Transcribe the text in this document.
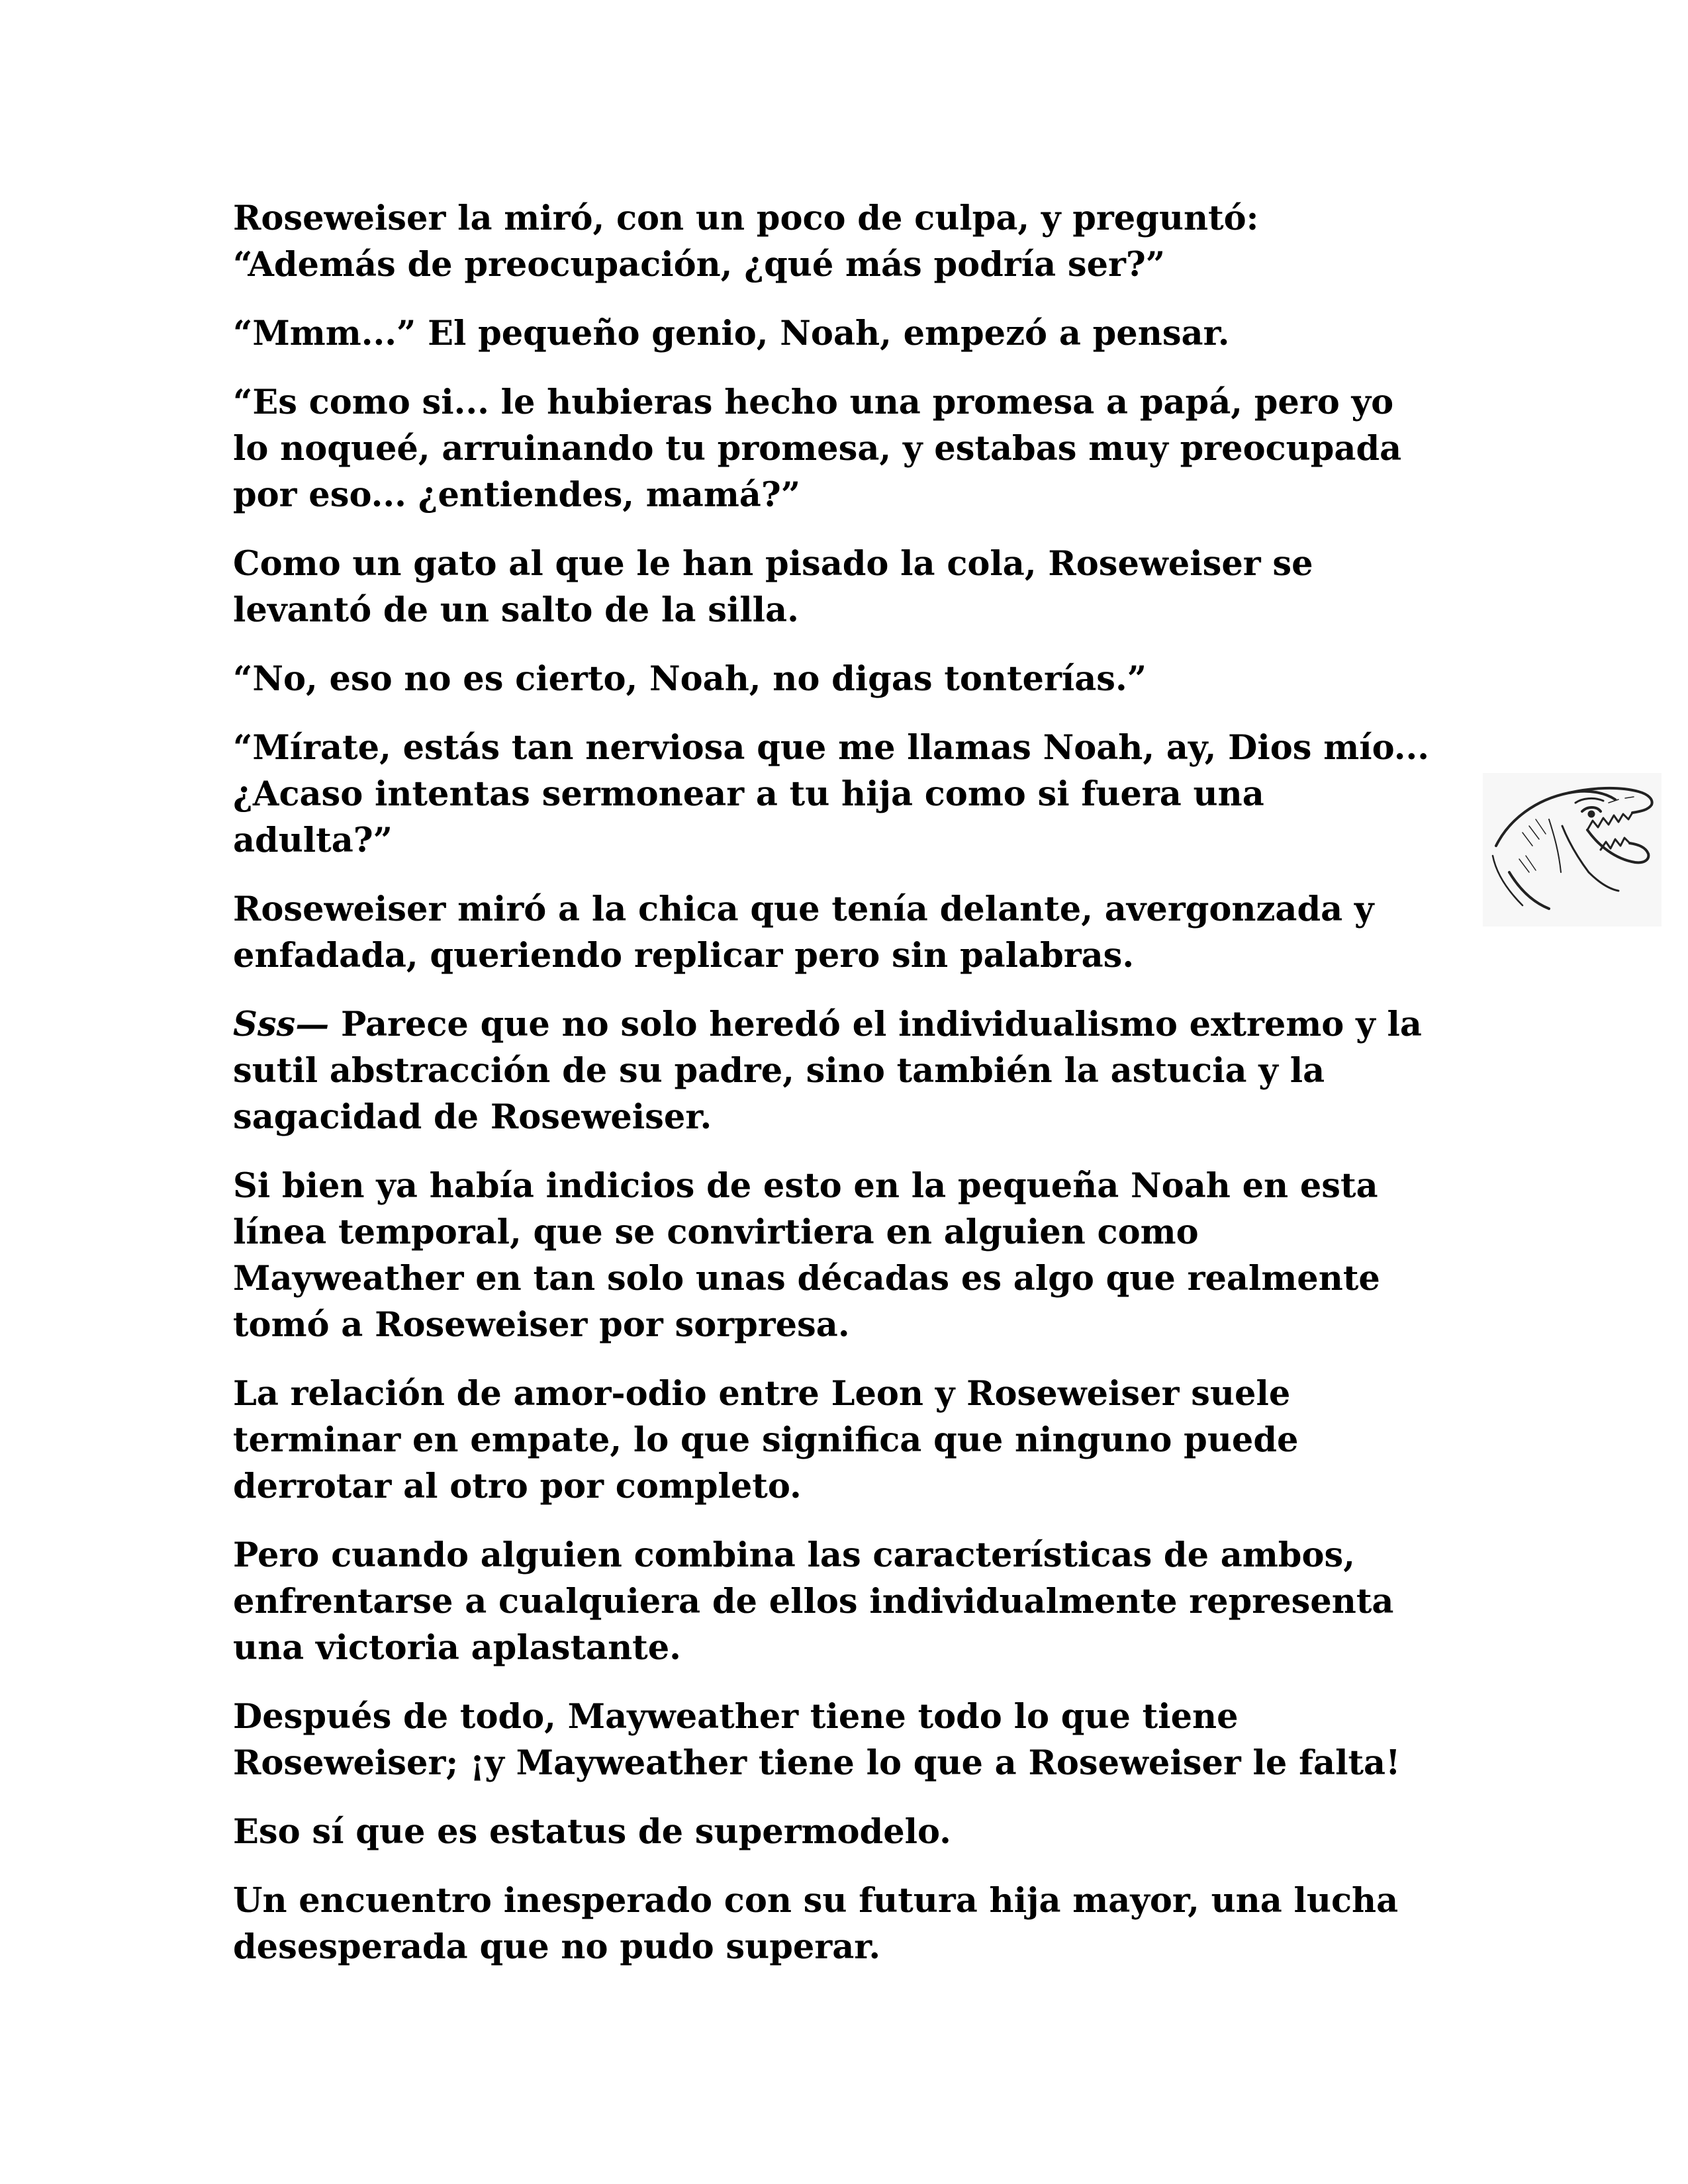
Roseweiser la miró, con un poco de culpa, y preguntó:
“Además de preocupación, ¿qué más podría ser?”

“Mmm...” El pequeño genio, Noah, empezó a pensar.

“Es como si... le hubieras hecho una promesa a papá, pero yo
lo noqueé, arruinando tu promesa, y estabas muy preocupada
por eso... ¿entiendes, mamá?”

Como un gato al que le han pisado la cola, Roseweiser se
levantó de un salto de la silla.

“No, eso no es cierto, Noah, no digas tonterías.”

“Mírate, estás tan nerviosa que me llamas Noah, ay, Dios mío...
¿Acaso intentas sermonear a tu hija como si fuera una
adulta?”

Roseweiser miró a la chica que tenía delante, avergonzada y
enfadada, queriendo replicar pero sin palabras.

Sss— Parece que no solo heredó el individualismo extremo y la
sutil abstracción de su padre, sino también la astucia y la
sagacidad de Roseweiser.

Si bien ya había indicios de esto en la pequeña Noah en esta
línea temporal, que se convirtiera en alguien como
Mayweather en tan solo unas décadas es algo que realmente
tomó a Roseweiser por sorpresa.

La relación de amor-odio entre Leon y Roseweiser suele
terminar en empate, lo que significa que ninguno puede
derrotar al otro por completo.

Pero cuando alguien combina las características de ambos,
enfrentarse a cualquiera de ellos individualmente representa
una victoria aplastante.

Después de todo, Mayweather tiene todo lo que tiene
Roseweiser; ¡y Mayweather tiene lo que a Roseweiser le falta!

Eso sí que es estatus de supermodelo.

Un encuentro inesperado con su futura hija mayor, una lucha
desesperada que no pudo superar.
